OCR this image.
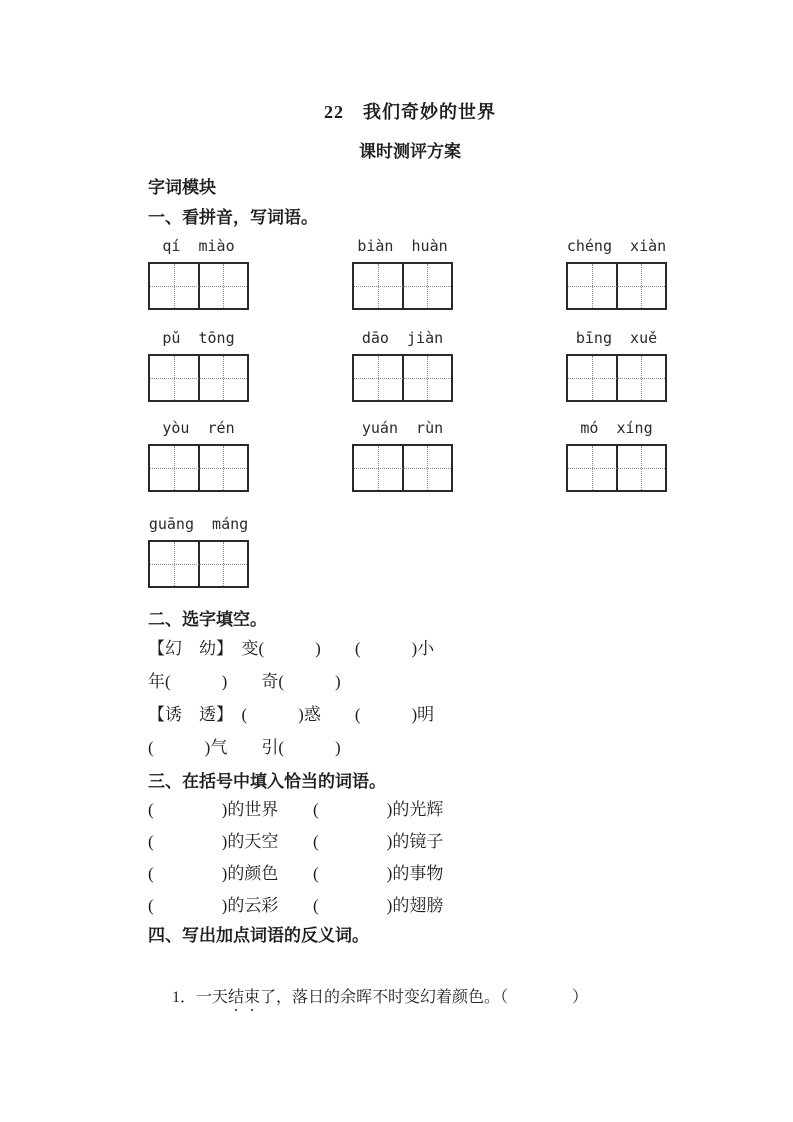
22　我们奇妙的世界
课时测评方案
字词模块
一、看拼音，写词语。
qí  miào	biàn  huàn	chéng  xiàn
pǔ  tōng	dāo  jiàn	bīng  xuě
yòu  rén	yuán  rùn	mó  xíng
guāng  máng
二、选字填空。
【幻　幼】　变(　　　)　　(　　　)小
年(　　　)　　奇(　　　)
【诱　透】　(　　　)惑　　(　　　)明
(　　　)气　　引(　　　)
三、在括号中填入恰当的词语。
(　　　　)的世界	(　　　　)的光辉
(　　　　)的天空	(　　　　)的镜子
(　　　　)的颜色	(　　　　)的事物
(　　　　)的云彩	(　　　　)的翅膀
四、写出加点词语的反义词。

1．一天结束了，落日的余晖不时变幻着颜色。（　　　　）
